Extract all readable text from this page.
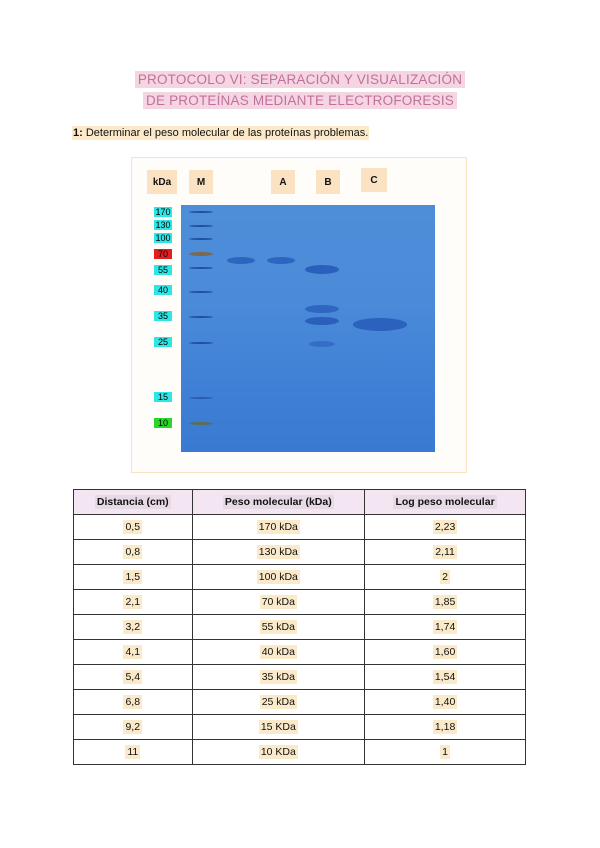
PROTOCOLO VI: SEPARACIÓN Y VISUALIZACIÓN
DE PROTEÍNAS MEDIANTE ELECTROFORESIS
1: Determinar el peso molecular de las proteínas problemas.
kDa	M	A	B	C
170
130
100
70
55
40
35
25
15
10
Distancia (cm)	Peso molecular (kDa)	Log peso molecular
0,5	170 kDa	2,23
0,8	130 kDa	2,11
1,5	100 kDa	2
2,1	70 kDa	1,85
3,2	55 kDa	1,74
4,1	40 kDa	1,60
5,4	35 kDa	1,54
6,8	25 kDa	1,40
9,2	15 KDa	1,18
11	10 KDa	1
